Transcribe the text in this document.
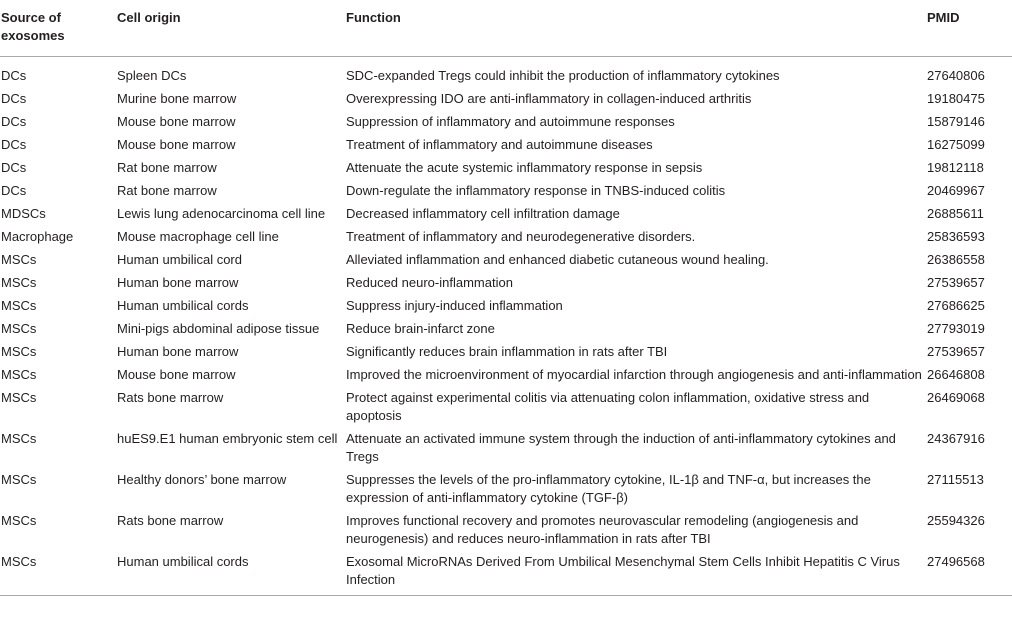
Source of exosomes	Cell origin	Function	PMID
DCs	Spleen DCs	SDC-expanded Tregs could inhibit the production of inflammatory cytokines	27640806
DCs	Murine bone marrow	Overexpressing IDO are anti-inflammatory in collagen-induced arthritis	19180475
DCs	Mouse bone marrow	Suppression of inflammatory and autoimmune responses	15879146
DCs	Mouse bone marrow	Treatment of inflammatory and autoimmune diseases	16275099
DCs	Rat bone marrow	Attenuate the acute systemic inflammatory response in sepsis	19812118
DCs	Rat bone marrow	Down-regulate the inflammatory response in TNBS-induced colitis	20469967
MDSCs	Lewis lung adenocarcinoma cell line	Decreased inflammatory cell infiltration damage	26885611
Macrophage	Mouse macrophage cell line	Treatment of inflammatory and neurodegenerative disorders.	25836593
MSCs	Human umbilical cord	Alleviated inflammation and enhanced diabetic cutaneous wound healing.	26386558
MSCs	Human bone marrow	Reduced neuro-inflammation	27539657
MSCs	Human umbilical cords	Suppress injury-induced inflammation	27686625
MSCs	Mini-pigs abdominal adipose tissue	Reduce brain-infarct zone	27793019
MSCs	Human bone marrow	Significantly reduces brain inflammation in rats after TBI	27539657
MSCs	Mouse bone marrow	Improved the microenvironment of myocardial infarction through angiogenesis and anti-inflammation	26646808
MSCs	Rats bone marrow	Protect against experimental colitis via attenuating colon inflammation, oxidative stress and apoptosis	26469068
MSCs	huES9.E1 human embryonic stem cell	Attenuate an activated immune system through the induction of anti-inflammatory cytokines and Tregs	24367916
MSCs	Healthy donors’ bone marrow	Suppresses the levels of the pro-inflammatory cytokine, IL-1β and TNF-α, but increases the expression of anti-inflammatory cytokine (TGF-β)	27115513
MSCs	Rats bone marrow	Improves functional recovery and promotes neurovascular remodeling (angiogenesis and neurogenesis) and reduces neuro-inflammation in rats after TBI	25594326
MSCs	Human umbilical cords	Exosomal MicroRNAs Derived From Umbilical Mesenchymal Stem Cells Inhibit Hepatitis C Virus Infection	27496568
